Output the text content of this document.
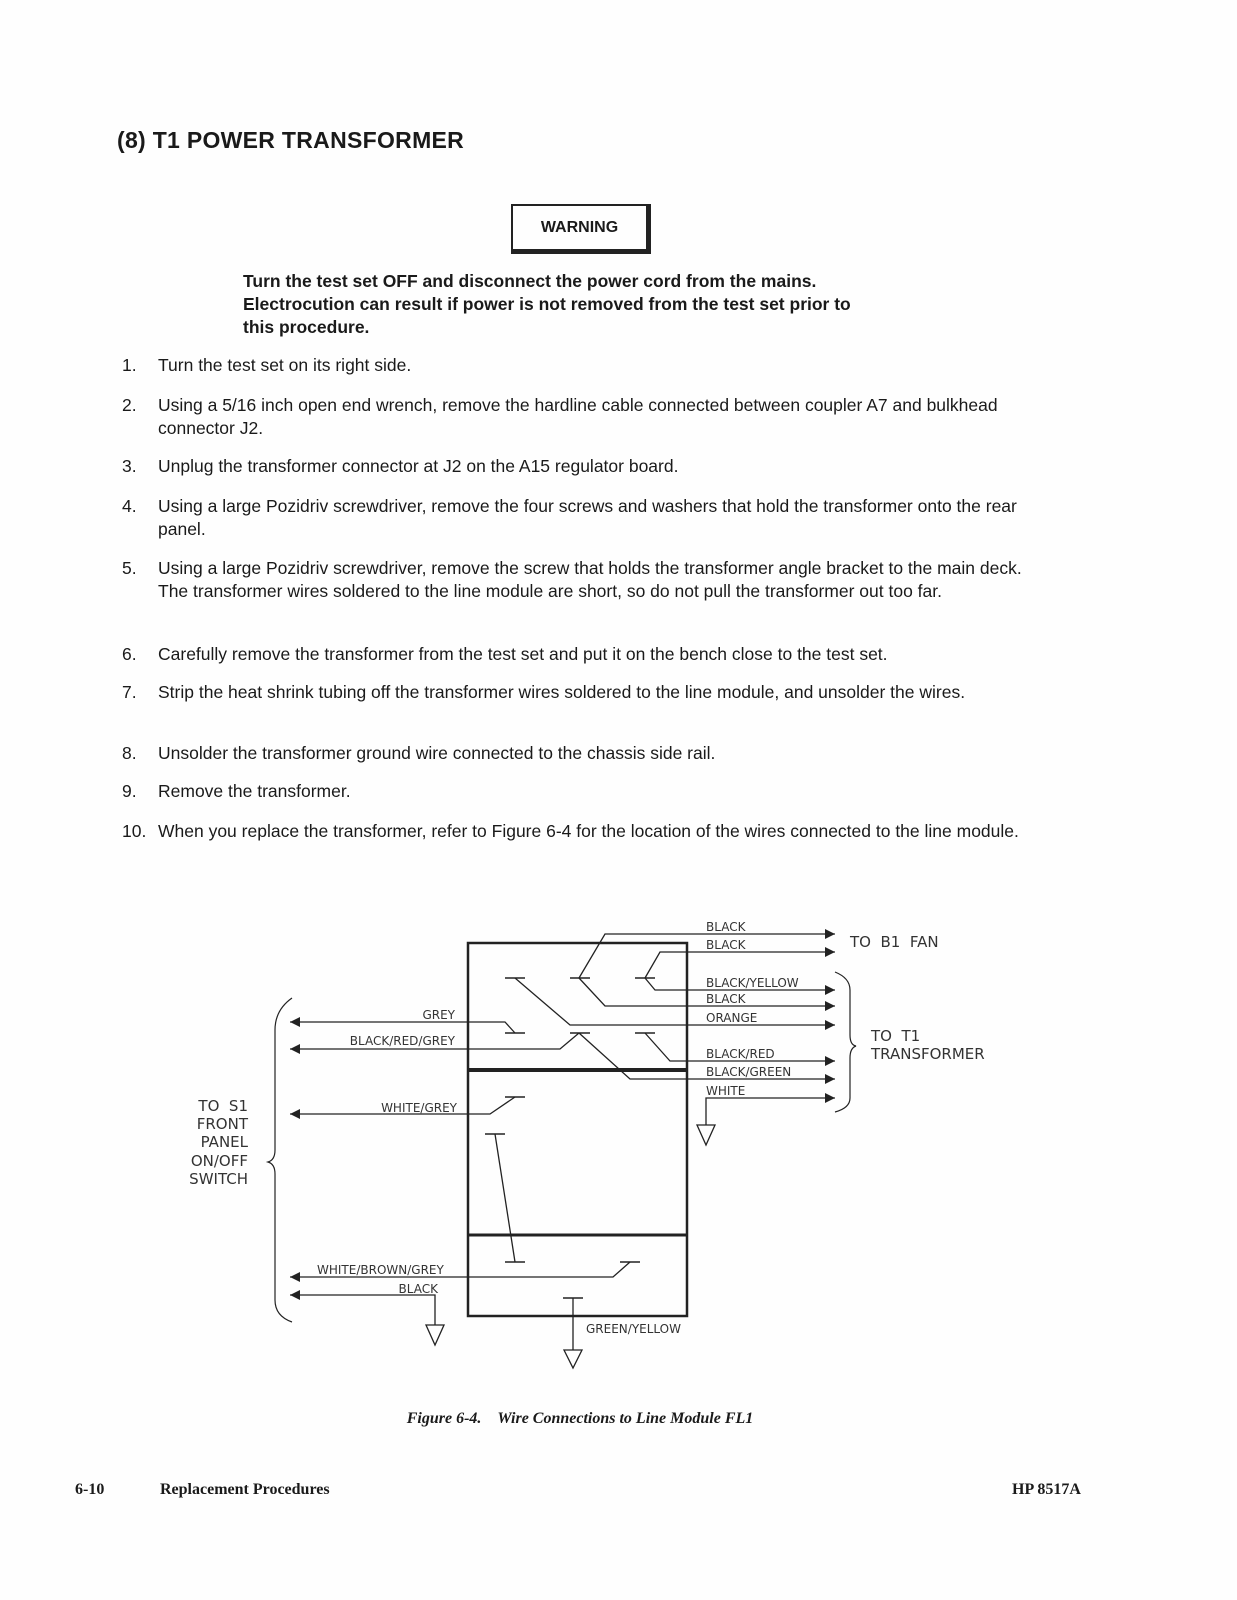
(8) T1 POWER TRANSFORMER
WARNING
Turn the test set OFF and disconnect the power cord from the mains.
Electrocution can result if power is not removed from the test set prior to
this procedure.
1.	Turn the test set on its right side.
2.	Using a 5/16 inch open end wrench, remove the hardline cable connected between coupler A7 and bulkhead connector J2.
3.	Unplug the transformer connector at J2 on the A15 regulator board.
4.	Using a large Pozidriv screwdriver, remove the four screws and washers that hold the transformer onto the rear panel.
5.	Using a large Pozidriv screwdriver, remove the screw that holds the transformer angle bracket to the main deck. The transformer wires soldered to the line module are short, so do not pull the transformer out too far.
6.	Carefully remove the transformer from the test set and put it on the bench close to the test set.
7.	Strip the heat shrink tubing off the transformer wires soldered to the line module, and unsolder the wires.
8.	Unsolder the transformer ground wire connected to the chassis side rail.
9.	Remove the transformer.
10. When you replace the transformer, refer to Figure 6-4 for the location of the wires connected to the line module.
BLACK
BLACK
BLACK/YELLOW
BLACK
ORANGE
BLACK/RED
BLACK/GREEN
WHITE
GREY
BLACK/RED/GREY
WHITE/GREY
WHITE/BROWN/GREY
BLACK
GREEN/YELLOW
TO  B1  FAN
TO  T1
TRANSFORMER
TO  S1
FRONT
PANEL
ON/OFF
SWITCH
Figure 6-4. Wire Connections to Line Module FL1
6-10	Replacement Procedures	HP 8517A
